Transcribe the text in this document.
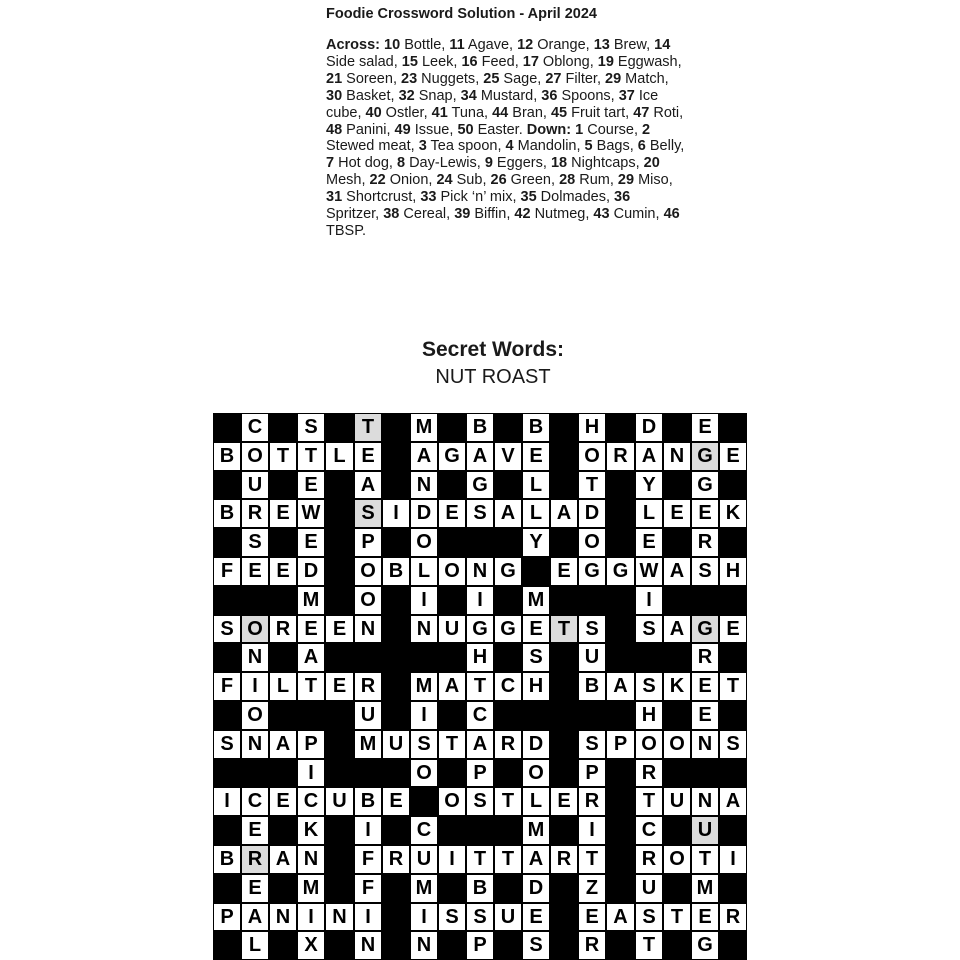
Foodie Crossword Solution - April 2024
Across: 10 Bottle, 11 Agave, 12 Orange, 13 Brew, 14 Side salad, 15 Leek, 16 Feed, 17 Oblong, 19 Eggwash, 21 Soreen, 23 Nuggets, 25 Sage, 27 Filter, 29 Match, 30 Basket, 32 Snap, 34 Mustard, 36 Spoons, 37 Ice cube, 40 Ostler, 41 Tuna, 44 Bran, 45 Fruit tart, 47 Roti, 48 Panini, 49 Issue, 50 Easter. Down: 1 Course, 2 Stewed meat, 3 Tea spoon, 4 Mandolin, 5 Bags, 6 Belly, 7 Hot dog, 8 Day-Lewis, 9 Eggers, 18 Nightcaps, 20 Mesh, 22 Onion, 24 Sub, 26 Green, 28 Rum, 29 Miso, 31 Shortcrust, 33 Pick ‘n’ mix, 35 Dolmades, 36 Spritzer, 38 Cereal, 39 Biffin, 42 Nutmeg, 43 Cumin, 46 TBSP.
Secret Words:
NUT ROAST
C	S	T	M	B	B	H	D	E
B O T T L E	A G A V E	O R A N G E
U	E	A	N	G	L	T	Y	G
B R E W	S I D E S A L A D	L E E K
S	E	P	O	Y	O	E	R
F E E D	O B L O N G	E G G W A S H
M	O	I	I	M	I
S O R E E N	N U G G E T S	S A G E
N	A	H	S	U	R
F I L T E R	M A T C H	B A S K E T
O	U	I	C	H	E
S N A P	M U S T A R D	S P O O N S
I	O	P	O	P	R
I C E C U B E	O S T L E R	T U N A
E	K	I	C	M	I	C	U
B R A N	F R U I T T A R T	R O T I
E	M	F	M	B	D	Z	U	M
P A N I N I	I S S U E	E A S T E R
L	X	N	N	P	S	R	T	G
